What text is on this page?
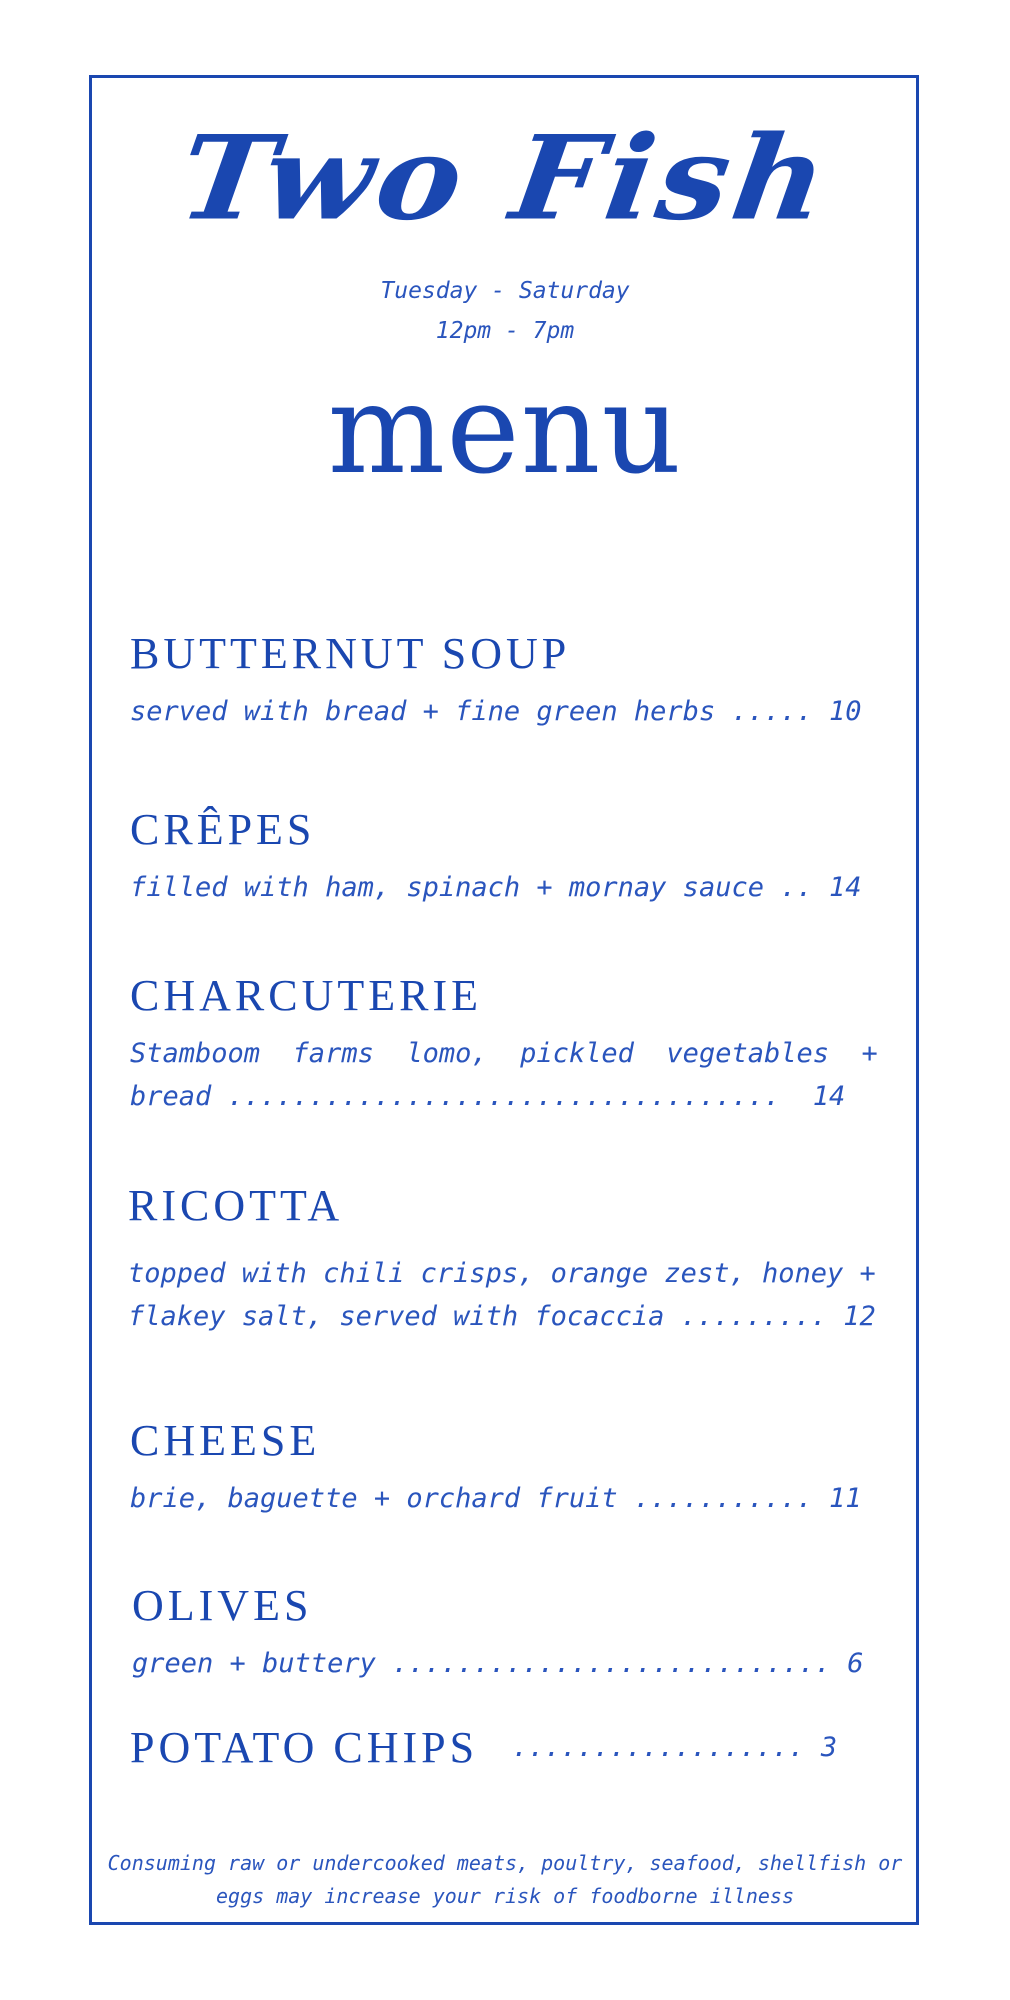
Two Fish
Tuesday - Saturday
12pm - 7pm
menu
BUTTERNUT SOUP
served with bread + fine green herbs ..... 10
CRÊPES
filled with ham, spinach + mornay sauce .. 14
CHARCUTERIE
Stamboom  farms  lomo,  pickled  vegetables  +
bread ..................................  14
RICOTTA
topped with chili crisps, orange zest, honey +
flakey salt, served with focaccia ......... 12
CHEESE
brie, baguette + orchard fruit ........... 11
OLIVES
green + buttery ........................... 6
POTATO CHIPS .................. 3
Consuming raw or undercooked meats, poultry, seafood, shellfish or
eggs may increase your risk of foodborne illness
